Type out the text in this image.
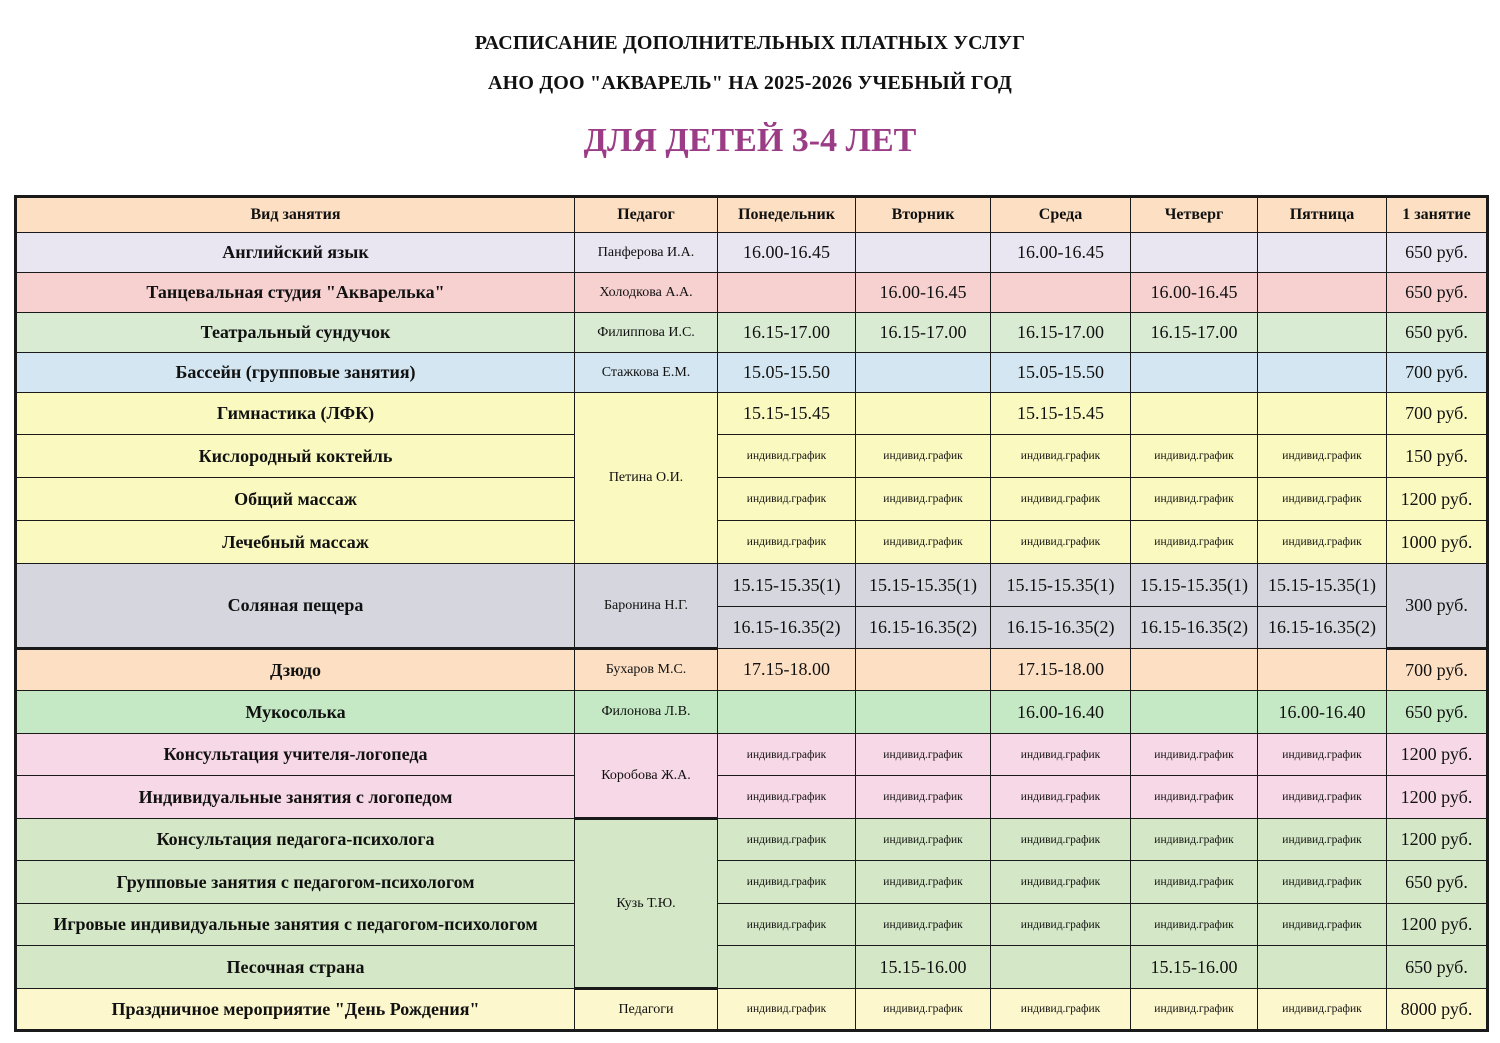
РАСПИСАНИЕ ДОПОЛНИТЕЛЬНЫХ ПЛАТНЫХ УСЛУГ
АНО ДОО "АКВАРЕЛЬ" НА 2025-2026 УЧЕБНЫЙ ГОД
ДЛЯ ДЕТЕЙ 3-4 ЛЕТ
Вид занятия	Педагог	Понедельник	Вторник	Среда	Четверг	Пятница	1 занятие
Английский язык	Панферова И.А.	16.00-16.45		16.00-16.45			650 руб.
Танцевальная студия "Акварелька"	Холодкова А.А.		16.00-16.45		16.00-16.45		650 руб.
Театральный сундучок	Филиппова И.С.	16.15-17.00	16.15-17.00	16.15-17.00	16.15-17.00		650 руб.
Бассейн (групповые занятия)	Стажкова Е.М.	15.05-15.50		15.05-15.50			700 руб.
Гимнастика (ЛФК)	Петина О.И.	15.15-15.45		15.15-15.45			700 руб.
Кислородный коктейль		индивид.график	индивид.график	индивид.график	индивид.график	индивид.график	150 руб.
Общий массаж		индивид.график	индивид.график	индивид.график	индивид.график	индивид.график	1200 руб.
Лечебный массаж		индивид.график	индивид.график	индивид.график	индивид.график	индивид.график	1000 руб.
Соляная пещера	Баронина Н.Г.	15.15-15.35(1)	15.15-15.35(1)	15.15-15.35(1)	15.15-15.35(1)	15.15-15.35(1)	300 руб.
		16.15-16.35(2)	16.15-16.35(2)	16.15-16.35(2)	16.15-16.35(2)	16.15-16.35(2)	
Дзюдо	Бухаров М.С.	17.15-18.00		17.15-18.00			700 руб.
Мукосолька	Филонова Л.В.			16.00-16.40		16.00-16.40	650 руб.
Консультация учителя-логопеда	Коробова Ж.А.	индивид.график	индивид.график	индивид.график	индивид.график	индивид.график	1200 руб.
Индивидуальные занятия с логопедом		индивид.график	индивид.график	индивид.график	индивид.график	индивид.график	1200 руб.
Консультация педагога-психолога	Кузь Т.Ю.	индивид.график	индивид.график	индивид.график	индивид.график	индивид.график	1200 руб.
Групповые занятия с педагогом-психологом		индивид.график	индивид.график	индивид.график	индивид.график	индивид.график	650 руб.
Игровые индивидуальные занятия с педагогом-психологом		индивид.график	индивид.график	индивид.график	индивид.график	индивид.график	1200 руб.
Песочная страна			15.15-16.00		15.15-16.00		650 руб.
Праздничное мероприятие "День Рождения"	Педагоги	индивид.график	индивид.график	индивид.график	индивид.график	индивид.график	8000 руб.
